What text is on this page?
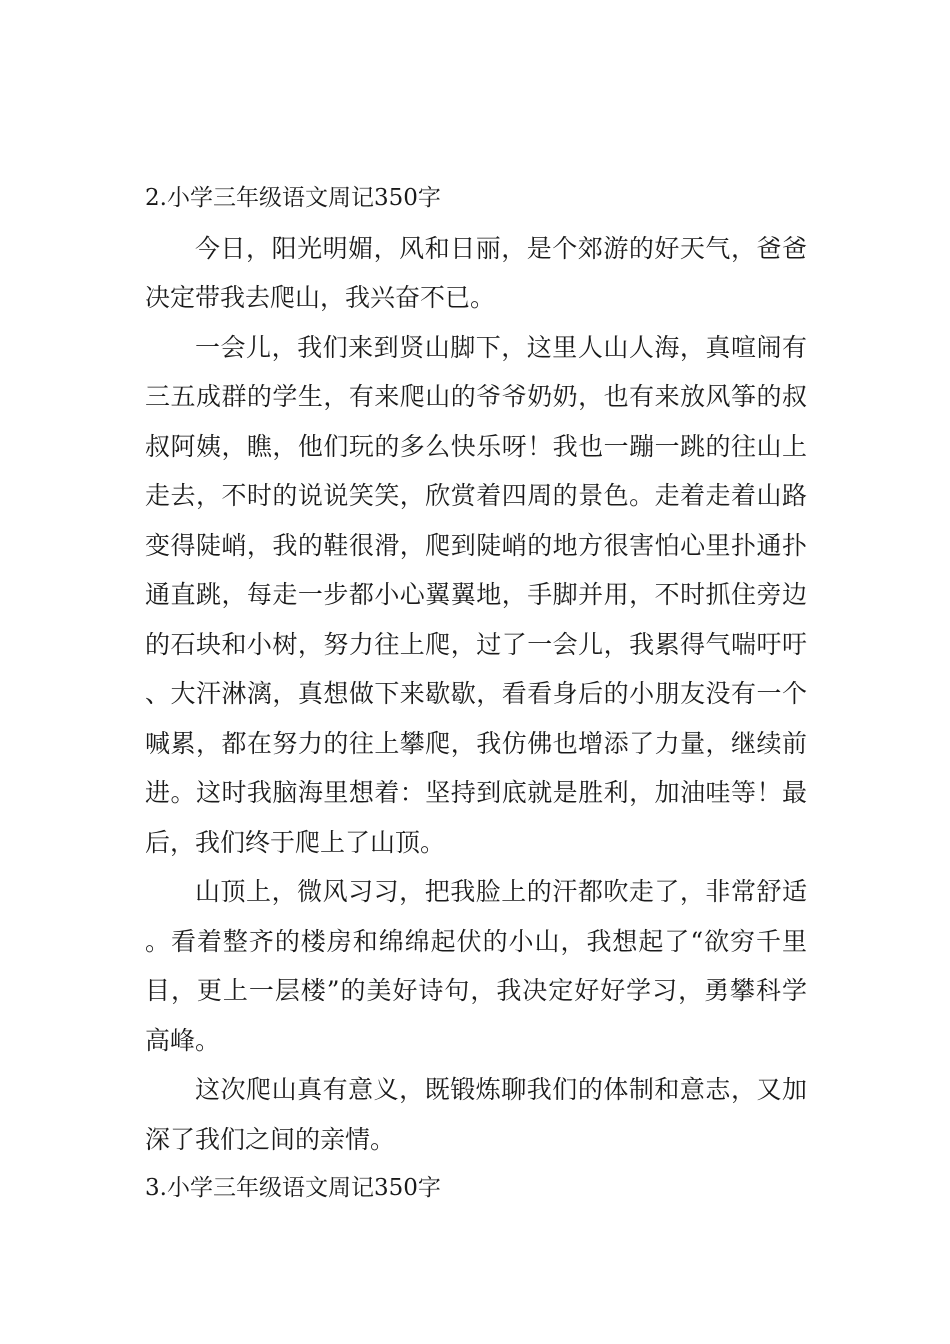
2.小学三年级语文周记350字

今日，阳光明媚，风和日丽，是个郊游的好天气，爸爸决定带我去爬山，我兴奋不已。

一会儿，我们来到贤山脚下，这里人山人海，真喧闹有三五成群的学生，有来爬山的爷爷奶奶，也有来放风筝的叔叔阿姨，瞧，他们玩的多么快乐呀！我也一蹦一跳的往山上走去，不时的说说笑笑，欣赏着四周的景色。走着走着山路变得陡峭，我的鞋很滑，爬到陡峭的地方很害怕心里扑通扑通直跳，每走一步都小心翼翼地，手脚并用，不时抓住旁边的石块和小树，努力往上爬，过了一会儿，我累得气喘吁吁、大汗淋漓，真想做下来歇歇，看看身后的小朋友没有一个喊累，都在努力的往上攀爬，我仿佛也增添了力量，继续前进。这时我脑海里想着：坚持到底就是胜利，加油哇等！最后，我们终于爬上了山顶。

山顶上，微风习习，把我脸上的汗都吹走了，非常舒适。看着整齐的楼房和绵绵起伏的小山，我想起了“欲穷千里目，更上一层楼”的美好诗句，我决定好好学习，勇攀科学高峰。

这次爬山真有意义，既锻炼聊我们的体制和意志，又加深了我们之间的亲情。

3.小学三年级语文周记350字
